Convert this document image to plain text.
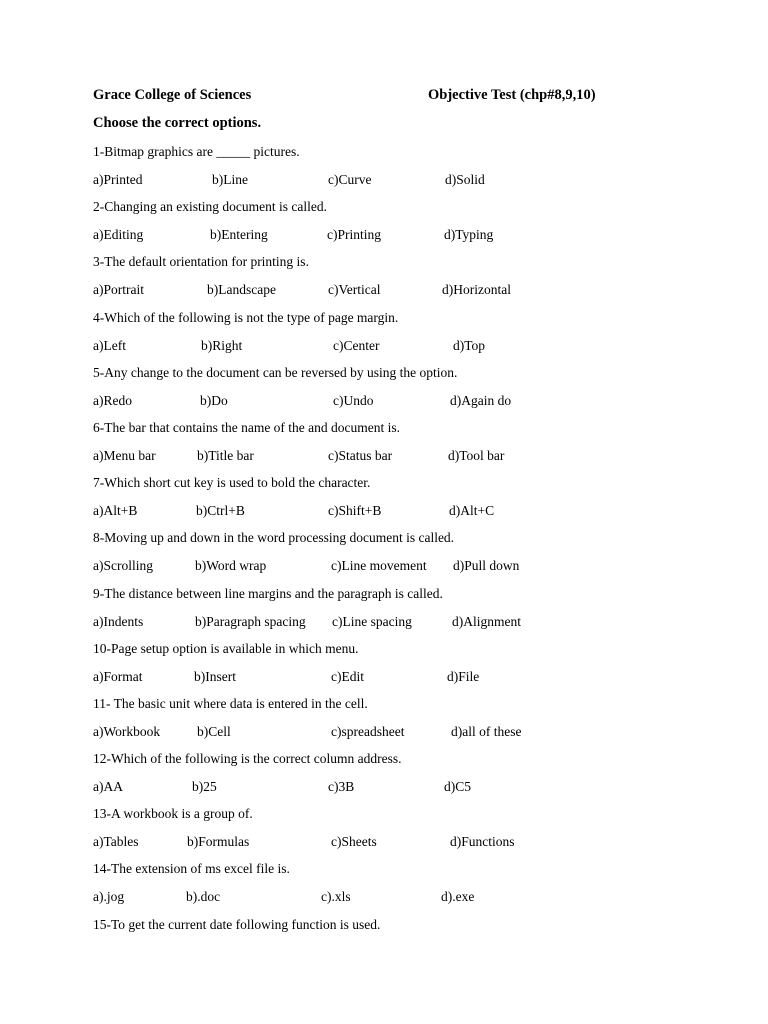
Grace College of Sciences	Objective Test (chp#8,9,10)
Choose the correct options.
1-Bitmap graphics are _____ pictures.
a)Printed	b)Line	c)Curve	d)Solid
2-Changing an existing document is called.
a)Editing	b)Entering	c)Printing	d)Typing
3-The default orientation for printing is.
a)Portrait	b)Landscape	c)Vertical	d)Horizontal
4-Which of the following is not the type of page margin.
a)Left	b)Right	c)Center	d)Top
5-Any change to the document can be reversed by using the option.
a)Redo	b)Do	c)Undo	d)Again do
6-The bar that contains the name of the and document is.
a)Menu bar	b)Title bar	c)Status bar	d)Tool bar
7-Which short cut key is used to bold the character.
a)Alt+B	b)Ctrl+B	c)Shift+B	d)Alt+C
8-Moving up and down in the word processing document is called.
a)Scrolling	b)Word wrap	c)Line movement d)Pull down
9-The distance between line margins and the paragraph is called.
a)Indents	b)Paragraph spacing c)Line spacing	d)Alignment
10-Page setup option is available in which menu.
a)Format	b)Insert	c)Edit	d)File
11- The basic unit where data is entered in the cell.
a)Workbook	b)Cell	c)spreadsheet	d)all of these
12-Which of the following is the correct column address.
a)AA	b)25	c)3B	d)C5
13-A workbook is a group of.
a)Tables	b)Formulas	c)Sheets	d)Functions
14-The extension of ms excel file is.
a).jog	b).doc	c).xls	d).exe
15-To get the current date following function is used.
